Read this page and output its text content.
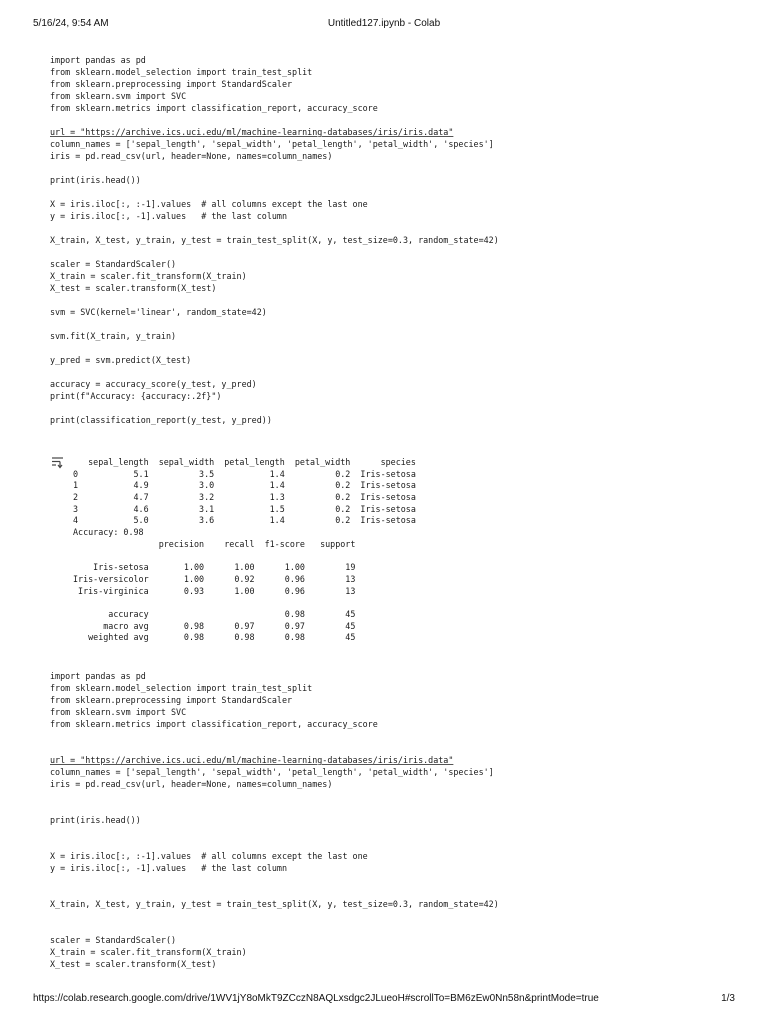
5/16/24, 9:54 AM	Untitled127.ipynb - Colab
import pandas as pd
from sklearn.model_selection import train_test_split
from sklearn.preprocessing import StandardScaler
from sklearn.svm import SVC
from sklearn.metrics import classification_report, accuracy_score
url = "https://archive.ics.uci.edu/ml/machine-learning-databases/iris/iris.data"
column_names = ['sepal_length', 'sepal_width', 'petal_length', 'petal_width', 'species']
iris = pd.read_csv(url, header=None, names=column_names)
print(iris.head())
X = iris.iloc[:, :-1].values  # all columns except the last one
y = iris.iloc[:, -1].values   # the last column
X_train, X_test, y_train, y_test = train_test_split(X, y, test_size=0.3, random_state=42)
scaler = StandardScaler()
X_train = scaler.fit_transform(X_train)
X_test = scaler.transform(X_test)
svm = SVC(kernel='linear', random_state=42)
svm.fit(X_train, y_train)
y_pred = svm.predict(X_test)
accuracy = accuracy_score(y_test, y_pred)
print(f"Accuracy: {accuracy:.2f}")
print(classification_report(y_test, y_pred))
sepal_length  sepal_width  petal_length  petal_width      species
0           5.1          3.5           1.4          0.2  Iris-setosa
1           4.9          3.0           1.4          0.2  Iris-setosa
2           4.7          3.2           1.3          0.2  Iris-setosa
3           4.6          3.1           1.5          0.2  Iris-setosa
4           5.0          3.6           1.4          0.2  Iris-setosa
Accuracy: 0.98
precision    recall  f1-score   support
Iris-setosa       1.00      1.00      1.00        19
Iris-versicolor       1.00      0.92      0.96        13
Iris-virginica       0.93      1.00      0.96        13
accuracy                           0.98        45
macro avg       0.98      0.97      0.97        45
weighted avg       0.98      0.98      0.98        45
import pandas as pd
from sklearn.model_selection import train_test_split
from sklearn.preprocessing import StandardScaler
from sklearn.svm import SVC
from sklearn.metrics import classification_report, accuracy_score
url = "https://archive.ics.uci.edu/ml/machine-learning-databases/iris/iris.data"
column_names = ['sepal_length', 'sepal_width', 'petal_length', 'petal_width', 'species']
iris = pd.read_csv(url, header=None, names=column_names)
print(iris.head())
X = iris.iloc[:, :-1].values  # all columns except the last one
y = iris.iloc[:, -1].values   # the last column
X_train, X_test, y_train, y_test = train_test_split(X, y, test_size=0.3, random_state=42)
scaler = StandardScaler()
X_train = scaler.fit_transform(X_train)
X_test = scaler.transform(X_test)
https://colab.research.google.com/drive/1WV1jY8oMkT9ZCczN8AQLxsdgc2JLueoH#scrollTo=BM6zEw0Nn58n&printMode=true	1/3
